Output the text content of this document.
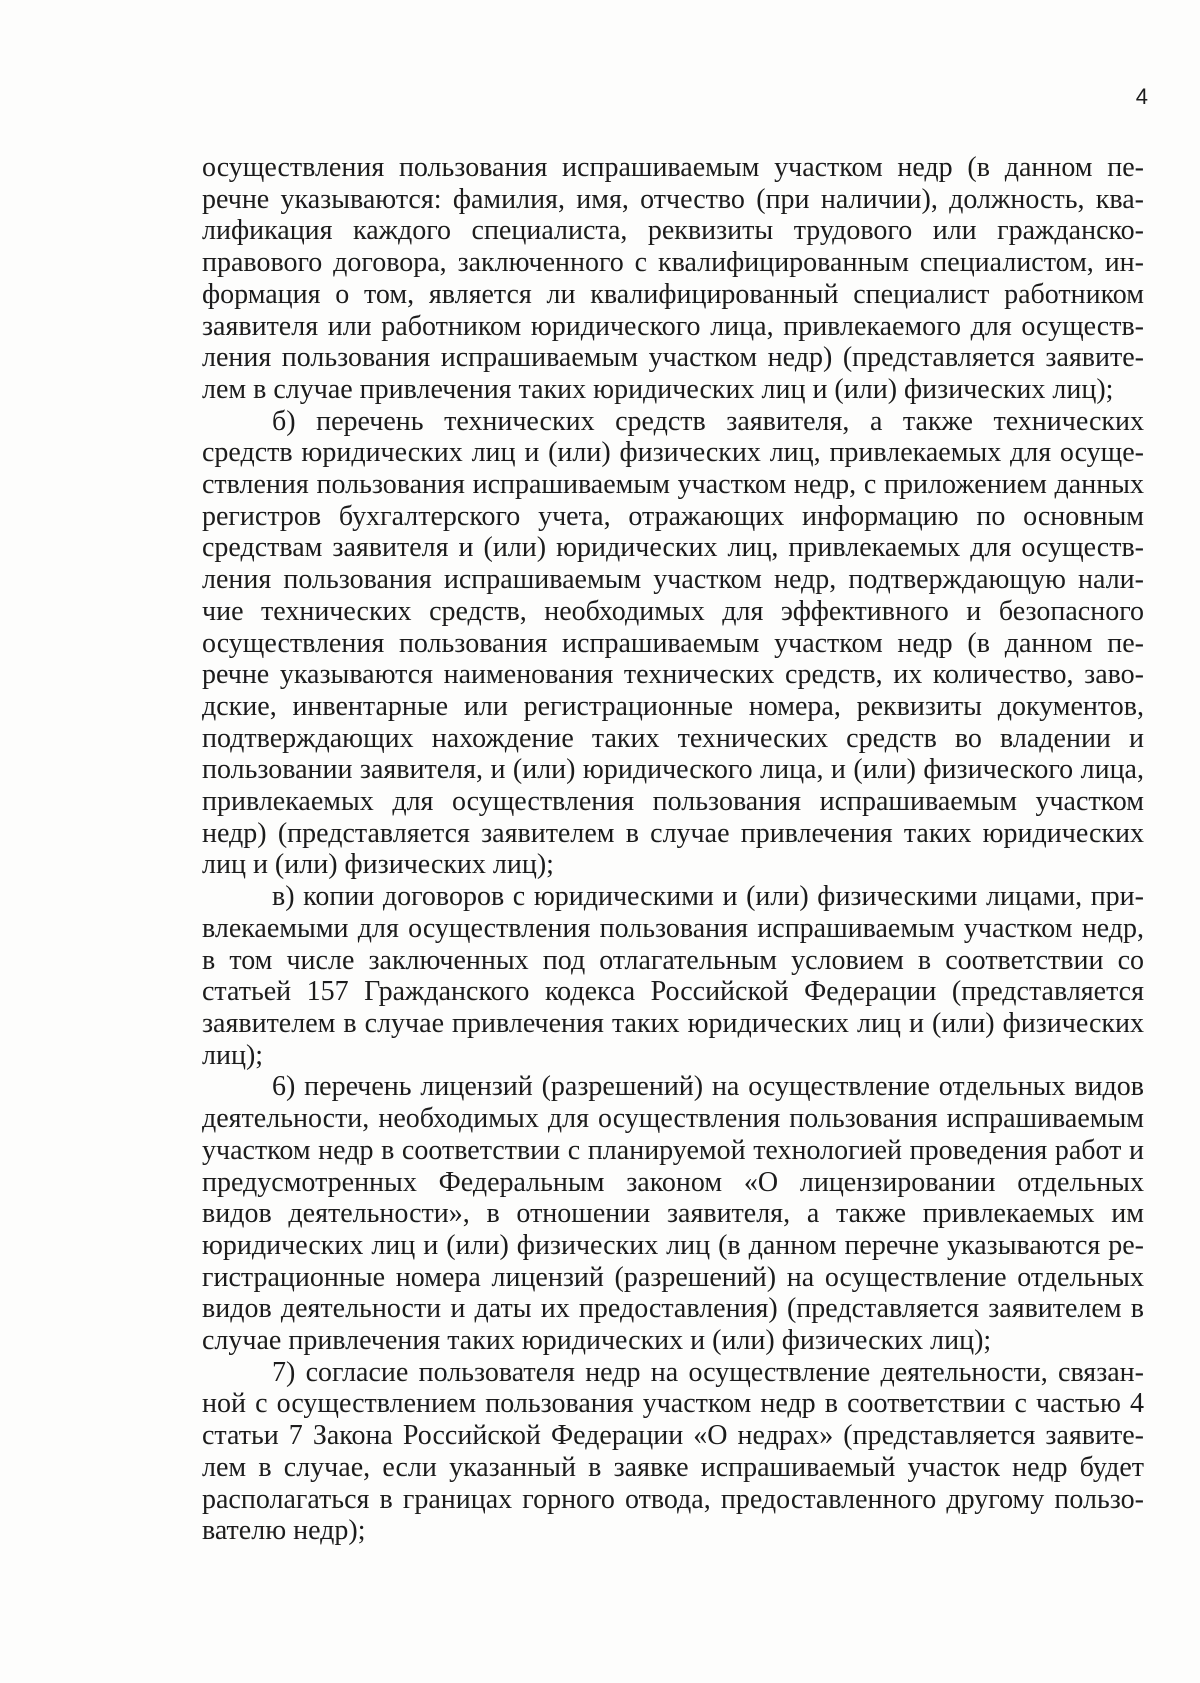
4

осуществления пользования испрашиваемым участком недр (в данном перечне указываются: фамилия, имя, отчество (при наличии), должность, квалификация каждого специалиста, реквизиты трудового или гражданско-правового договора, заключенного с квалифицированным специалистом, информация о том, является ли квалифицированный специалист работником заявителя или работником юридического лица, привлекаемого для осуществления пользования испрашиваемым участком недр) (представляется заявителем в случае привлечения таких юридических лиц и (или) физических лиц);

б) перечень технических средств заявителя, а также технических средств юридических лиц и (или) физических лиц, привлекаемых для осуществления пользования испрашиваемым участком недр, с приложением данных регистров бухгалтерского учета, отражающих информацию по основным средствам заявителя и (или) юридических лиц, привлекаемых для осуществления пользования испрашиваемым участком недр, подтверждающую наличие технических средств, необходимых для эффективного и безопасного осуществления пользования испрашиваемым участком недр (в данном перечне указываются наименования технических средств, их количество, заводские, инвентарные или регистрационные номера, реквизиты документов, подтверждающих нахождение таких технических средств во владении и пользовании заявителя, и (или) юридического лица, и (или) физического лица, привлекаемых для осуществления пользования испрашиваемым участком недр) (представляется заявителем в случае привлечения таких юридических лиц и (или) физических лиц);

в) копии договоров с юридическими и (или) физическими лицами, привлекаемыми для осуществления пользования испрашиваемым участком недр, в том числе заключенных под отлагательным условием в соответствии со статьей 157 Гражданского кодекса Российской Федерации (представляется заявителем в случае привлечения таких юридических лиц и (или) физических лиц);

6) перечень лицензий (разрешений) на осуществление отдельных видов деятельности, необходимых для осуществления пользования испрашиваемым участком недр в соответствии с планируемой технологией проведения работ и предусмотренных Федеральным законом «О лицензировании отдельных видов деятельности», в отношении заявителя, а также привлекаемых им юридических лиц и (или) физических лиц (в данном перечне указываются регистрационные номера лицензий (разрешений) на осуществление отдельных видов деятельности и даты их предоставления) (представляется заявителем в случае привлечения таких юридических и (или) физических лиц);

7) согласие пользователя недр на осуществление деятельности, связанной с осуществлением пользования участком недр в соответствии с частью 4 статьи 7 Закона Российской Федерации «О недрах» (представляется заявителем в случае, если указанный в заявке испрашиваемый участок недр будет располагаться в границах горного отвода, предоставленного другому пользователю недр);
